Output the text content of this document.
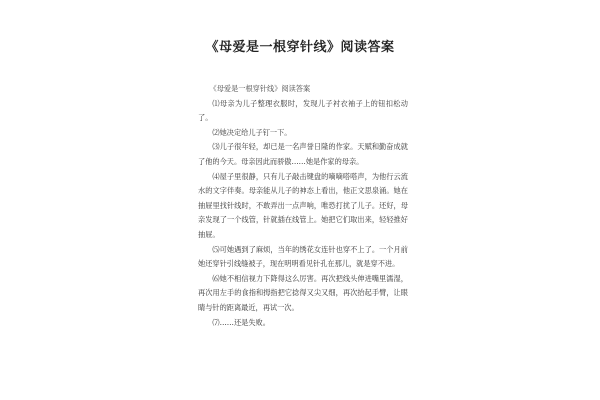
《母爱是一根穿针线》阅读答案

《母爱是一根穿针线》阅读答案

⑴母亲为儿子整理衣服时，发现儿子衬衣袖子上的钮扣松动了。

⑵她决定给儿子钉一下。

⑶儿子很年轻，却已是一名声誉日隆的作家。天赋和勤奋成就了他的今天。母亲因此而骄傲……她是作家的母亲。

⑷屋子里很静，只有儿子敲击键盘的嘀嘀嗒嗒声，为他行云流水的文字伴奏。母亲能从儿子的神态上看出，他正文思泉涌。她在抽屉里找针线时，不敢弄出一点声响，唯恐打扰了儿子。还好，母亲发现了一个线管，针就插在线管上。她把它们取出来，轻轻推好抽屉。

⑸可她遇到了麻烦，当年的绣花女连针也穿不上了。一个月前她还穿针引线缝被子，现在明明看见针孔在那儿，就是穿不进。

⑹她不相信视力下降得这么厉害。再次把线头伸进嘴里濡湿，再次用左手的食指和拇指把它捻得又尖又细，再次抬起手臂，让眼睛与针的距离最近，再试一次。

⑺……还是失败。
